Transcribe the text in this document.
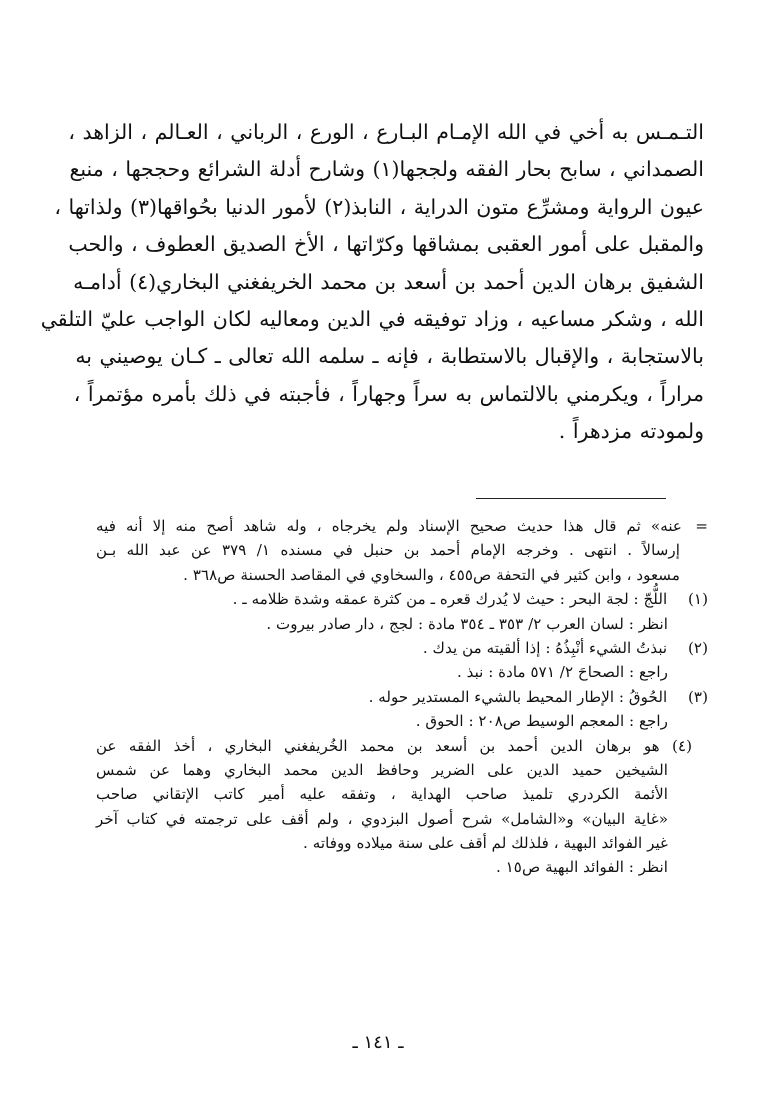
التـمـس به أخي في الله الإمـام البـارع ، الورع ، الرباني ، العـالم ، الزاهد ،
الصمداني ، سابح بحار الفقه ولججها(١) وشارح أدلة الشرائع وحججها ، منبع
عيون الرواية ومشرِّع متون الدراية ، النابذ(٢) لأمور الدنيا بحُواقها(٣) ولذاتها ،
والمقبل على أمور العقبى بمشاقها وكرّاتها ، الأخ الصديق العطوف ، والحب
الشفيق برهان الدين أحمد بن أسعد بن محمد الخريفغني البخاري(٤) أدامـه
الله ، وشكر مساعيه ، وزاد توفيقه في الدين ومعاليه لكان الواجب عليّ التلقي
بالاستجابة ، والإقبال بالاستطابة ، فإنه ـ سلمه الله تعالى ـ كـان يوصيني به
مراراً ، ويكرمني بالالتماس به سراً وجهاراً ، فأجبته في ذلك بأمره مؤتمراً ،
ولمودته مزدهراً .
=عنه» ثم قال هذا حديث صحيح الإسناد ولم يخرجاه ، وله شاهد أصح منه إلا أنه فيه
إرسالاً . انتهى . وخرجه الإمام أحمد بن حنبل في مسنده ١/ ٣٧٩ عن عبد الله بـن
مسعود ، وابن كثير في التحفة ص٤٥٥ ، والسخاوي في المقاصد الحسنة ص٣٦٨ .
(١) اللُّجّ : لجة البحر : حيث لا يُدرك قعره ـ من كثرة عمقه وشدة ظلامه ـ .
انظر : لسان العرب ٢/ ٣٥٣ ـ ٣٥٤ مادة : لجج ، دار صادر بيروت .
(٢) نبذتُ الشيء أنْبِذُهُ : إذا ألقيته من يدك .
راجع : الصحاحَ ٢/ ٥٧١ مادة : نبذ .
(٣) الحُوقُ : الإطار المحيط بالشيء المستدير حوله .
راجع : المعجم الوسيط ص٢٠٨ : الحوق .
(٤) هو برهان الدين أحمد بن أسعد بن محمد الخُريفغني البخاري ، أخذ الفقه عن
الشيخين حميد الدين على الضرير وحافظ الدين محمد البخاري وهما عن شمس
الأئمة الكردري تلميذ صاحب الهداية ، وتفقه عليه أمير كاتب الإتقاني صاحب
«غاية البيان» و«الشامل» شرح أصول البزدوي ، ولم أقف على ترجمته في كتاب آخر
غير الفوائد البهية ، فلذلك لم أقف على سنة ميلاده ووفاته .
انظر : الفوائد البهية ص١٥ .
ـ ١٤١ ـ
